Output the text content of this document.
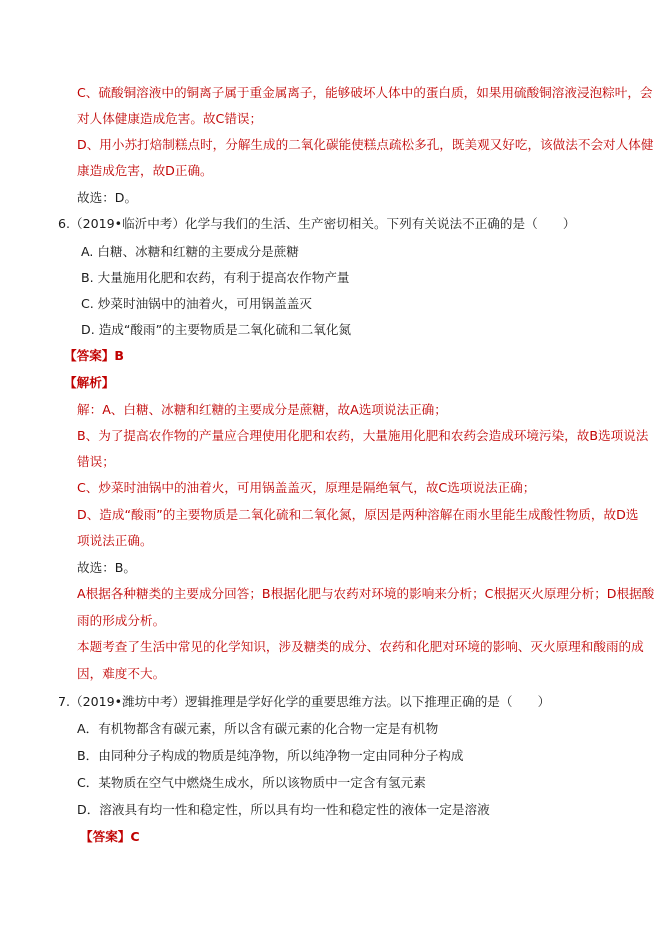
C、硫酸铜溶液中的铜离子属于重金属离子，能够破坏人体中的蛋白质，如果用硫酸铜溶液浸泡粽叶，会
对人体健康造成危害。故C错误；
D、用小苏打焙制糕点时，分解生成的二氧化碳能使糕点疏松多孔，既美观又好吃，该做法不会对人体健
康造成危害，故D正确。
故选：D。
6.（2019•临沂中考）化学与我们的生活、生产密切相关。下列有关说法不正确的是（　　）
A. 白糖、冰糖和红糖的主要成分是蔗糖
B. 大量施用化肥和农药，有利于提高农作物产量
C. 炒菜时油锅中的油着火，可用锅盖盖灭
D. 造成“酸雨”的主要物质是二氧化硫和二氧化氮
【答案】B
【解析】
解：A、白糖、冰糖和红糖的主要成分是蔗糖，故A选项说法正确；
B、为了提高农作物的产量应合理使用化肥和农药，大量施用化肥和农药会造成环境污染，故B选项说法
错误；
C、炒菜时油锅中的油着火，可用锅盖盖灭，原理是隔绝氧气，故C选项说法正确；
D、造成“酸雨”的主要物质是二氧化硫和二氧化氮，原因是两种溶解在雨水里能生成酸性物质，故D选
项说法正确。
故选：B。
A根据各种糖类的主要成分回答；B根据化肥与农药对环境的影响来分析；C根据灭火原理分析；D根据酸
雨的形成分析。
本题考查了生活中常见的化学知识，涉及糖类的成分、农药和化肥对环境的影响、灭火原理和酸雨的成
因，难度不大。
7.（2019•潍坊中考）逻辑推理是学好化学的重要思维方法。以下推理正确的是（　　）
A．有机物都含有碳元素，所以含有碳元素的化合物一定是有机物
B．由同种分子构成的物质是纯净物，所以纯净物一定由同种分子构成
C．某物质在空气中燃烧生成水，所以该物质中一定含有氢元素
D．溶液具有均一性和稳定性，所以具有均一性和稳定性的液体一定是溶液
【答案】C
